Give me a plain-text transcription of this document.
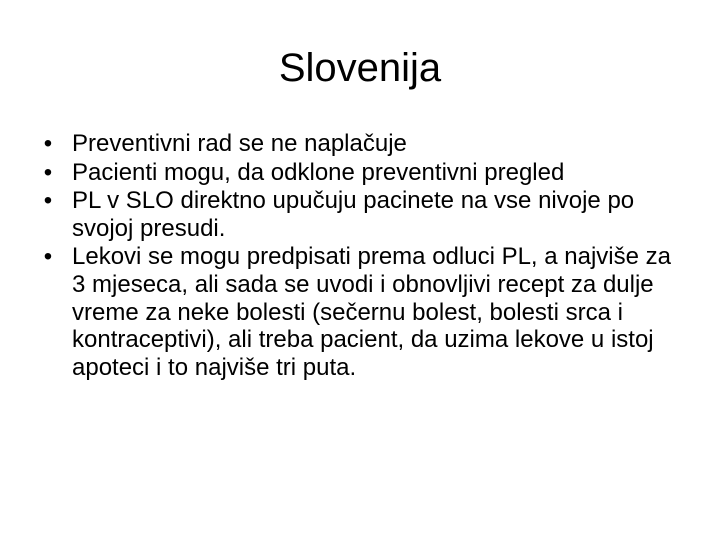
Slovenija
• Preventivni rad se ne naplačuje
• Pacienti mogu, da odklone preventivni pregled
• PL v SLO direktno upučuju pacinete na vse nivoje po svojoj presudi.
• Lekovi se mogu predpisati prema odluci PL, a najviše za 3 mjeseca, ali sada se uvodi i obnovljivi recept za dulje vreme za neke bolesti (sečernu bolest, bolesti srca i kontraceptivi), ali treba pacient, da uzima lekove u istoj apoteci i to najviše tri puta.
